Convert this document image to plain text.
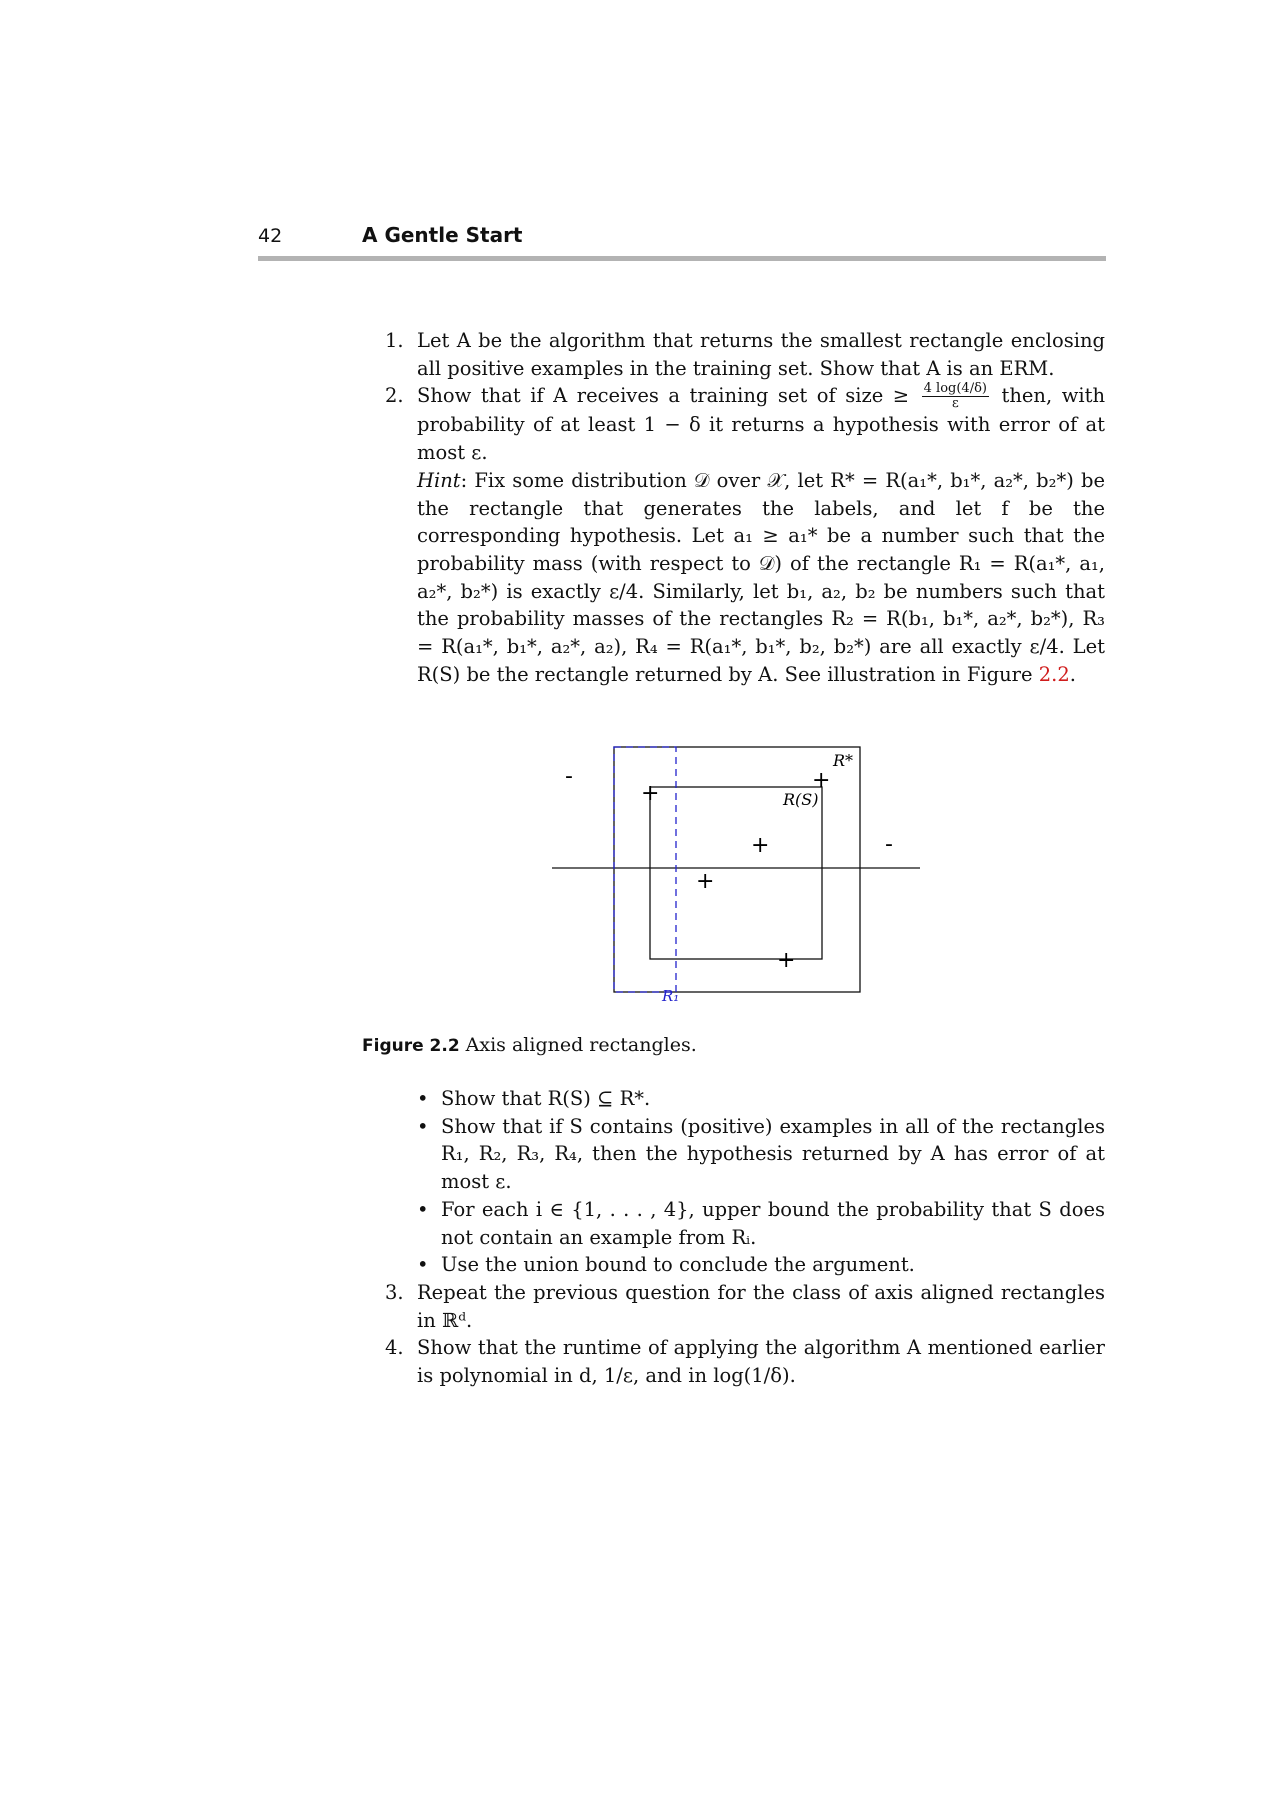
42	A Gentle Start
1. Let A be the algorithm that returns the smallest rectangle enclosing all positive examples in the training set. Show that A is an ERM.
2. Show that if A receives a training set of size ≥ $\frac{4 \log(4/\delta)}{\varepsilon}$ then, with probability of at least 1 − δ it returns a hypothesis with error of at most ε.
Hint: Fix some distribution 𝒟 over 𝒳, let R* = R(a₁*, b₁*, a₂*, b₂*) be the rectangle that generates the labels, and let f be the corresponding hypothesis. Let a₁ ≥ a₁* be a number such that the probability mass (with respect to 𝒟) of the rectangle R₁ = R(a₁*, a₁, a₂*, b₂*) is exactly ε/4. Similarly, let b₁, a₂, b₂ be numbers such that the probability masses of the rectangles R₂ = R(b₁, b₁*, a₂*, b₂*), R₃ = R(a₁*, b₁*, a₂*, a₂), R₄ = R(a₁*, b₁*, b₂, b₂*) are all exactly ε/4. Let R(S) be the rectangle returned by A. See illustration in Figure 2.2.
R*
R(S)
R₁
-
-
+
+
+
+
+
Figure 2.2 Axis aligned rectangles.
• Show that R(S) ⊆ R*.
• Show that if S contains (positive) examples in all of the rectangles R₁, R₂, R₃, R₄, then the hypothesis returned by A has error of at most ε.
• For each i ∈ {1, . . . , 4}, upper bound the probability that S does not contain an example from Rᵢ.
• Use the union bound to conclude the argument.
3. Repeat the previous question for the class of axis aligned rectangles in ℝᵈ.
4. Show that the runtime of applying the algorithm A mentioned earlier is polynomial in d, 1/ε, and in log(1/δ).
